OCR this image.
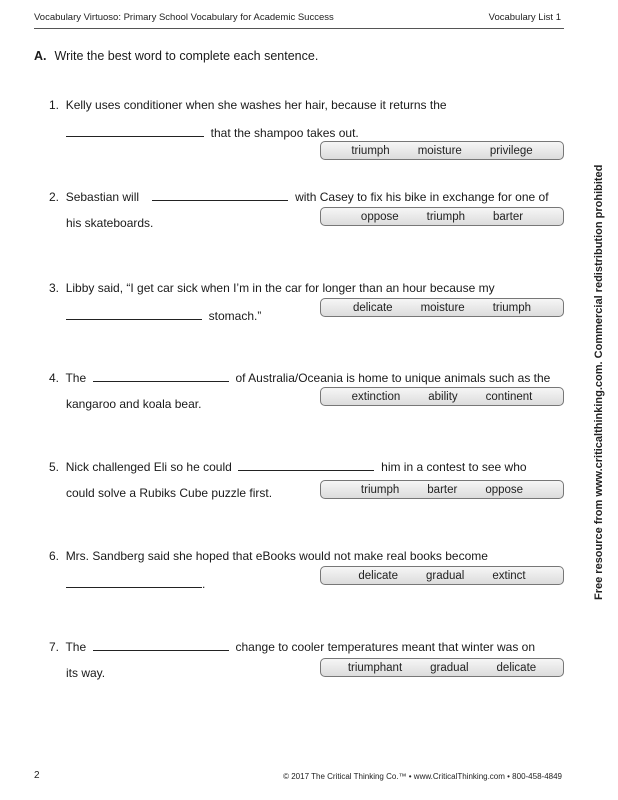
Vocabulary Virtuoso: Primary School Vocabulary for Academic Success	Vocabulary List 1
A. Write the best word to complete each sentence.
1. Kelly uses conditioner when she washes her hair, because it returns the
that the shampoo takes out.
triumph moisture privilege
2. Sebastian will	with Casey to fix his bike in exchange for one of
his skateboards.	oppose triumph barter
3. Libby said, “I get car sick when I’m in the car for longer than an hour because my
stomach.”
delicate moisture triumph
4. The	of Australia/Oceania is home to unique animals such as the
kangaroo and koala bear.
extinction ability continent
5. Nick challenged Eli so he could	him in a contest to see who
could solve a Rubiks Cube puzzle first.	triumph barter oppose
6. Mrs. Sandberg said she hoped that eBooks would not make real books become
.
delicate gradual extinct
7. The	change to cooler temperatures meant that winter was on
its way.	triumphant gradual delicate
Free resource from www.criticalthinking.com. Commercial redistribution prohibited
2	© 2017 The Critical Thinking Co.™ • www.CriticalThinking.com • 800-458-4849
